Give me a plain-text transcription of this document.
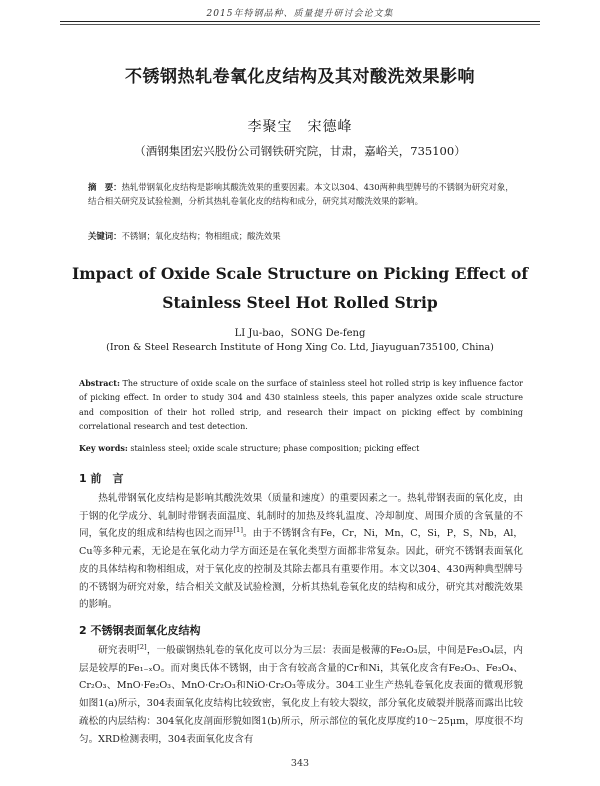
2015年特钢品种、质量提升研讨会论文集
不锈钢热轧卷氧化皮结构及其对酸洗效果影响
李聚宝　宋德峰
（酒钢集团宏兴股份公司钢铁研究院，甘肃，嘉峪关，735100）
摘　要：热轧带钢氧化皮结构是影响其酸洗效果的重要因素。本文以304、430两种典型牌号的不锈钢为研究对象，结合相关研究及试验检测，分析其热轧卷氧化皮的结构和成分，研究其对酸洗效果的影响。
关键词：不锈钢；氧化皮结构；物相组成；酸洗效果
Impact of Oxide Scale Structure on Picking Effect of
Stainless Steel Hot Rolled Strip
LI Ju-bao，SONG De-feng
(Iron & Steel Research Institute of Hong Xing Co. Ltd, Jiayuguan735100, China)
Abstract: The structure of oxide scale on the surface of stainless steel hot rolled strip is key influence factor of picking effect. In order to study 304 and 430 stainless steels, this paper analyzes oxide scale structure and composition of their hot rolled strip, and research their impact on picking effect by combining correlational research and test detection.
Key words: stainless steel; oxide scale structure; phase composition; picking effect
1 前　言
热轧带钢氧化皮结构是影响其酸洗效果（质量和速度）的重要因素之一。热轧带钢表面的氧化皮，由于钢的化学成分、轧制时带钢表面温度、轧制时的加热及终轧温度、冷却制度、周围介质的含氧量的不同，氧化皮的组成和结构也因之而异[1]。由于不锈钢含有Fe，Cr，Ni，Mn，C，Si，P，S，Nb，Al，Cu等多种元素，无论是在氧化动力学方面还是在氧化类型方面都非常复杂。因此，研究不锈钢表面氧化皮的具体结构和物相组成，对于氧化皮的控制及其除去都具有重要作用。本文以304、430两种典型牌号的不锈钢为研究对象，结合相关文献及试验检测，分析其热轧卷氧化皮的结构和成分，研究其对酸洗效果的影响。
2 不锈钢表面氧化皮结构
研究表明[2]，一般碳钢热轧卷的氧化皮可以分为三层：表面是极薄的Fe₂O₃层，中间是Fe₃O₄层，内层是较厚的Fe₁₋ₓO。而对奥氏体不锈钢，由于含有较高含量的Cr和Ni，其氧化皮含有Fe₂O₃、Fe₃O₄、Cr₂O₃、MnO·Fe₂O₃、MnO·Cr₂O₃和NiO·Cr₂O₃等成分。304工业生产热轧卷氧化皮表面的微观形貌如图1(a)所示，304表面氧化皮结构比较致密，氧化皮上有较大裂纹，部分氧化皮破裂并脱落而露出比较疏松的内层结构：304氧化皮剖面形貌如图1(b)所示，所示部位的氧化皮厚度约10～25μm，厚度很不均匀。XRD检测表明，304表面氧化皮含有
343
